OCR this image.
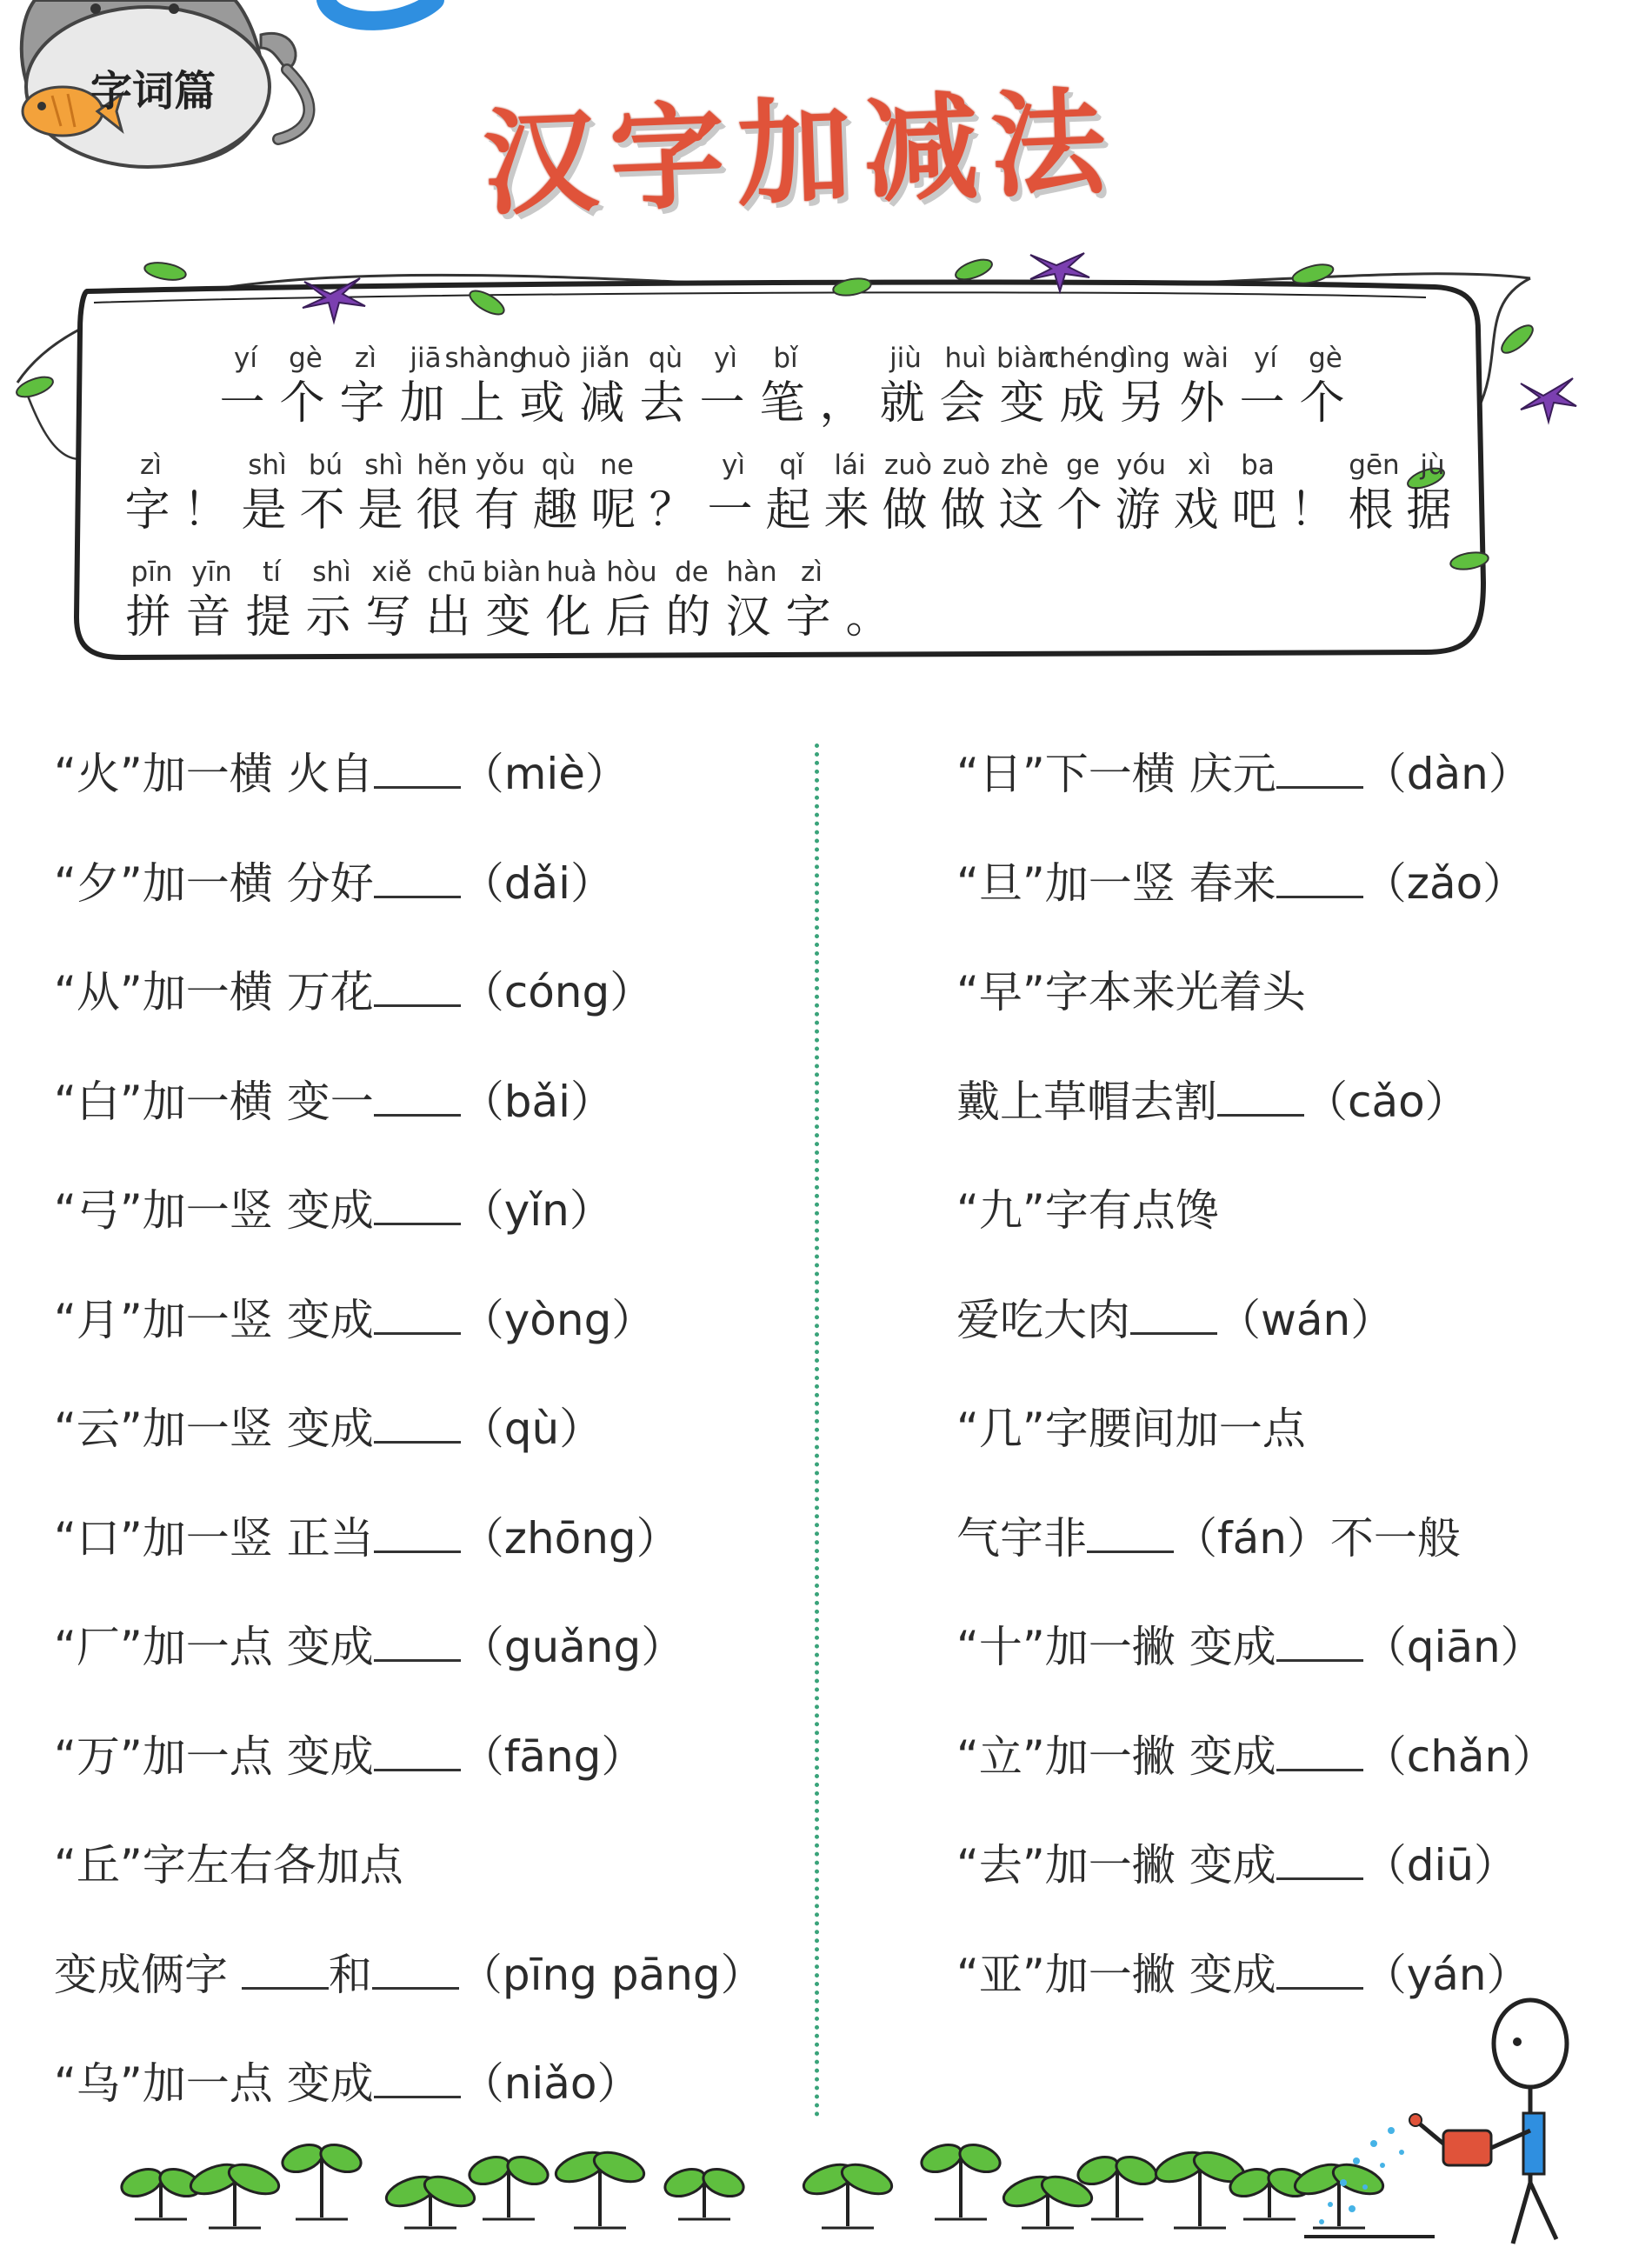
字词篇 汉字加减法
yí
一
gè
个
zì
字
jiā
加
shàng
上
huò
或
jiǎn
减
qù
去
yì
一
bǐ
笔 ，
jiù
就
huì
会
biàn
变
chéng
成
lìng
另
wài
外
yí
一
gè
个
zì
字 ！
shì
是
bú
不
shì
是
hěn
很
yǒu
有
qù
趣
ne
呢 ？
yì
一
qǐ
起
lái
来
zuò
做
zuò
做
zhè
这
ge
个
yóu
游
xì
戏
ba
吧 ！
gēn
根
jù
据
pīn
拼
yīn
音
tí
提
shì
示
xiě
写
chū
出
biàn
变
huà
化
hòu
后
de
的
hàn
汉
zì
字 。
“火”加一横 火自 （miè）
“夕”加一横 分好 （dǎi）
“从”加一横 万花 （cóng）
“白”加一横 变一 （bǎi）
“弓”加一竖 变成 （yǐn）
“月”加一竖 变成 （yòng）
“云”加一竖 变成 （qù）
“口”加一竖 正当 （zhōng）
“厂”加一点 变成 （guǎng）
“万”加一点 变成 （fāng）
“丘”字左右各加点
变成俩字 和 （pīng pāng）
“乌”加一点 变成 （niǎo）
“日”下一横 庆元 （dàn）
“旦”加一竖 春来 （zǎo）
“早”字本来光着头
戴上草帽去割 （cǎo）
“九”字有点馋
爱吃大肉 （wán）
“几”字腰间加一点
气宇非 （fán）不一般
“十”加一撇 变成 （qiān）
“立”加一撇 变成 （chǎn）
“去”加一撇 变成 （diū）
“亚”加一撇 变成 （yán）
